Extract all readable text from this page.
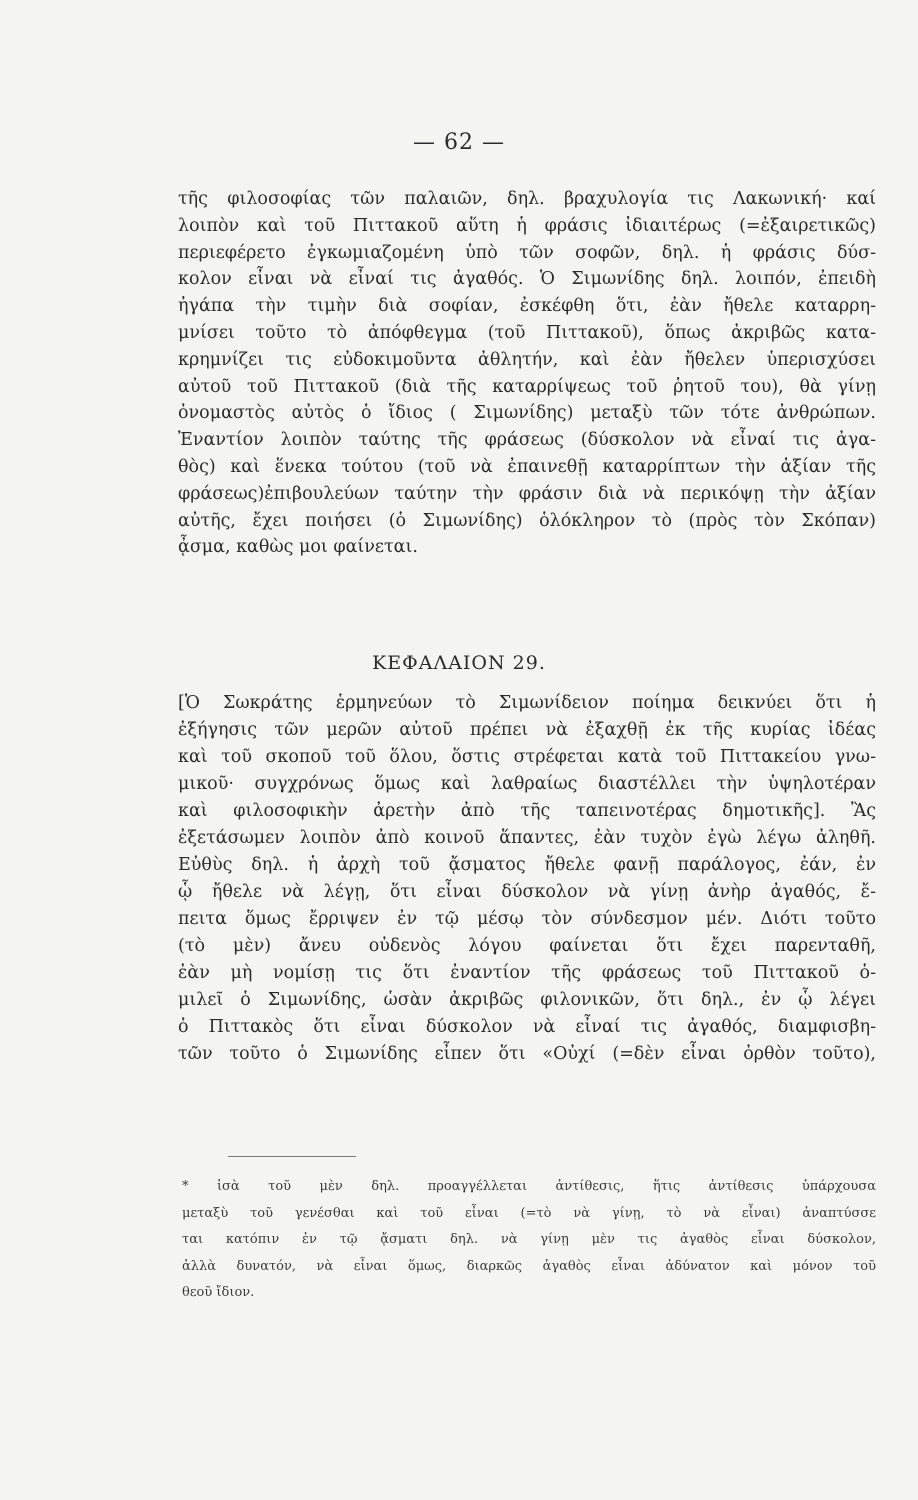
— 62 —
τῆς φιλοσοφίας τῶν παλαιῶν, δηλ. βραχυλογία τις Λακωνική· καί
λοιπὸν καὶ τοῦ Πιττακοῦ αὕτη ἡ φράσις ἰδιαιτέρως (=ἐξαιρετικῶς)
περιεφέρετο ἐγκωμιαζομένη ὑπὸ τῶν σοφῶν, δηλ. ἡ φράσις δύσ-
κολον εἶναι νὰ εἶναί τις ἀγαθός. Ὁ Σιμωνίδης δηλ. λοιπόν, ἐπειδὴ
ἠγάπα τὴν τιμὴν διὰ σοφίαν, ἐσκέφθη ὅτι, ἐὰν ἤθελε καταρρη-
μνίσει τοῦτο τὸ ἀπόφθεγμα (τοῦ Πιττακοῦ), ὅπως ἀκριβῶς κατα-
κρημνίζει τις εὐδοκιμοῦντα ἀθλητήν, καὶ ἐὰν ἤθελεν ὑπερισχύσει
αὐτοῦ τοῦ Πιττακοῦ (διὰ τῆς καταρρίψεως τοῦ ῥητοῦ του), θὰ γίνῃ
ὀνομαστὸς αὐτὸς ὁ ἴδιος ( Σιμωνίδης) μεταξὺ τῶν τότε ἀνθρώπων.
Ἐναντίον λοιπὸν ταύτης τῆς φράσεως (δύσκολον νὰ εἶναί τις ἀγα-
θὸς) καὶ ἕνεκα τούτου (τοῦ νὰ ἐπαινεθῇ καταρρίπτων τὴν ἀξίαν τῆς
φράσεως)ἐπιβουλεύων ταύτην τὴν φράσιν διὰ νὰ περικόψῃ τὴν ἀξίαν
αὐτῆς, ἔχει ποιήσει (ὁ Σιμωνίδης) ὁλόκληρον τὸ (πρὸς τὸν Σκόπαν)
ᾆσμα, καθὼς μοι φαίνεται.
ΚΕΦΑΛΑΙΟΝ 29.
[Ὁ Σωκράτης ἑρμηνεύων τὸ Σιμωνίδειον ποίημα δεικνύει ὅτι ἡ
ἐξήγησις τῶν μερῶν αὐτοῦ πρέπει νὰ ἐξαχθῇ ἐκ τῆς κυρίας ἰδέας
καὶ τοῦ σκοποῦ τοῦ ὅλου, ὅστις στρέφεται κατὰ τοῦ Πιττακείου γνω-
μικοῦ· συγχρόνως ὅμως καὶ λαθραίως διαστέλλει τὴν ὑψηλοτέραν
καὶ φιλοσοφικὴν ἀρετὴν ἀπὸ τῆς ταπεινοτέρας δημοτικῆς]. Ἂς
ἐξετάσωμεν λοιπὸν ἀπὸ κοινοῦ ἅπαντες, ἐὰν τυχὸν ἐγὼ λέγω ἀληθῆ.
Εὐθὺς δηλ. ἡ ἀρχὴ τοῦ ᾄσματος ἤθελε φανῇ παράλογος, ἐάν, ἐν
ᾧ ἤθελε νὰ λέγῃ, ὅτι εἶναι δύσκολον νὰ γίνῃ ἀνὴρ ἀγαθός, ἔ-
πειτα ὅμως ἔρριψεν ἐν τῷ μέσῳ τὸν σύνδεσμον μέν. Διότι τοῦτο
(τὸ μὲν) ἄνευ οὐδενὸς λόγου φαίνεται ὅτι ἔχει παρενταθῆ,
ἐὰν μὴ νομίσῃ τις ὅτι ἐναντίον τῆς φράσεως τοῦ Πιττακοῦ ὁ-
μιλεῖ ὁ Σιμωνίδης, ὡσὰν ἀκριβῶς φιλονικῶν, ὅτι δηλ., ἐν ᾧ λέγει
ὁ Πιττακὸς ὅτι εἶναι δύσκολον νὰ εἶναί τις ἀγαθός, διαμφισβη-
τῶν τοῦτο ὁ Σιμωνίδης εἶπεν ὅτι «Οὐχί (=δὲν εἶναι ὀρθὸν τοῦτο),
* ἰσὰ τοῦ μὲν δηλ. προαγγέλλεται ἀντίθεσις, ἥτις ἀντίθεσις ὑπάρχουσα
μεταξὺ τοῦ γενέσθαι καὶ τοῦ εἶναι (=τὸ νὰ γίνῃ, τὸ νὰ εἶναι) ἀναπτύσσε
ται κατόπιν ἐν τῷ ᾄσματι δηλ. νὰ γίνῃ μὲν τις ἀγαθὸς εἶναι δύσκολον,
ἀλλὰ δυνατόν, νὰ εἶναι ὅμως, διαρκῶς ἀγαθὸς εἶναι ἀδύνατον καὶ μόνον τοῦ
θεοῦ ἴδιον.
